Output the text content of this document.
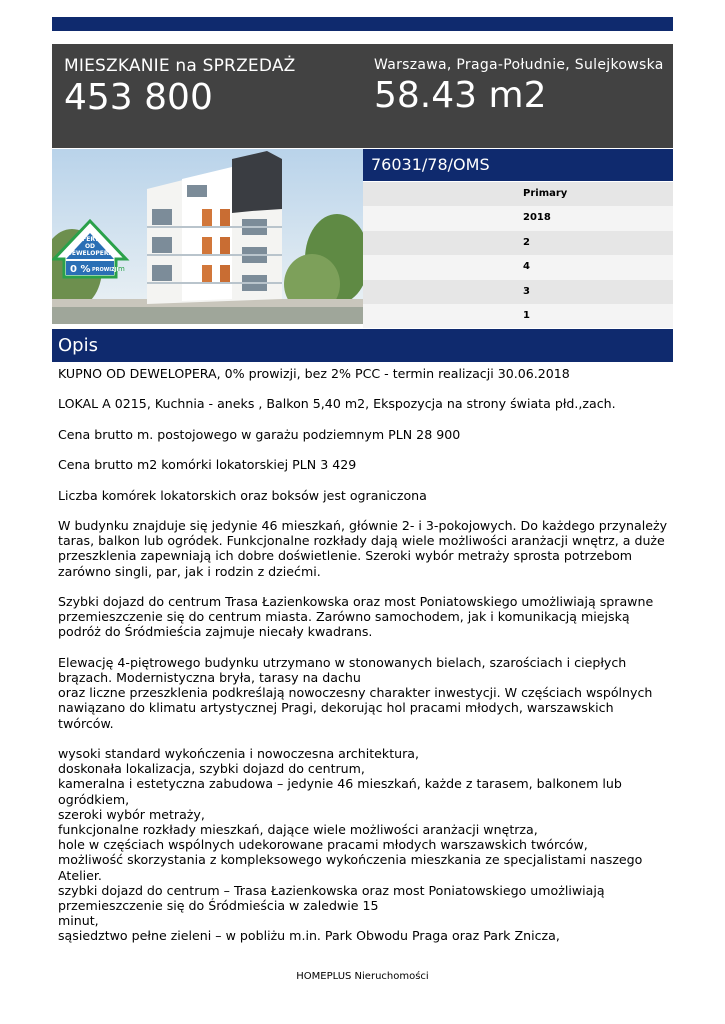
MIESZKANIE na SPRZEDAŻ
453 800
Warszawa, Praga-Południe, Sulejkowska
58.43 m2
OFERTA
OD
DEWELOPERA
0 % PROWIZJI m
76031/78/OMS
Primary
2018
2
4
3
1
Opis

KUPNO OD DEWELOPERA, 0% prowizji, bez 2% PCC - termin realizacji 30.06.2018

LOKAL A 0215, Kuchnia - aneks , Balkon 5,40 m2, Ekspozycja na strony świata płd.,zach.

Cena brutto m. postojowego w garażu podziemnym PLN 28 900

Cena brutto m2 komórki lokatorskiej PLN 3 429

Liczba komórek lokatorskich oraz boksów jest ograniczona

W budynku znajduje się jedynie 46 mieszkań, głównie 2- i 3-pokojowych. Do każdego przynależy taras, balkon lub ogródek. Funkcjonalne rozkłady dają wiele możliwości aranżacji wnętrz, a duże przeszklenia zapewniają ich dobre doświetlenie. Szeroki wybór metraży sprosta potrzebom zarówno singli, par, jak i rodzin z dziećmi.

Szybki dojazd do centrum Trasa Łazienkowska oraz most Poniatowskiego umożliwiają sprawne przemieszczenie się do centrum miasta. Zarówno samochodem, jak i komunikacją miejską podróż do Śródmieścia zajmuje niecały kwadrans.

Elewację 4-piętrowego budynku utrzymano w stonowanych bielach, szarościach i ciepłych brązach. Modernistyczna bryła, tarasy na dachu

oraz liczne przeszklenia podkreślają nowoczesny charakter inwestycji. W częściach wspólnych nawiązano do klimatu artystycznej Pragi, dekorując hol pracami młodych, warszawskich twórców.

wysoki standard wykończenia i nowoczesna architektura,

doskonała lokalizacja, szybki dojazd do centrum,

kameralna i estetyczna zabudowa – jedynie 46 mieszkań, każde z tarasem, balkonem lub ogródkiem,

szeroki wybór metraży,

funkcjonalne rozkłady mieszkań, dające wiele możliwości aranżacji wnętrza,

hole w częściach wspólnych udekorowane pracami młodych warszawskich twórców,

możliwość skorzystania z kompleksowego wykończenia mieszkania ze specjalistami naszego Atelier.

szybki dojazd do centrum – Trasa Łazienkowska oraz most Poniatowskiego umożliwiają przemieszczenie się do Śródmieścia w zaledwie 15

minut,

sąsiedztwo pełne zieleni – w pobliżu m.in. Park Obwodu Praga oraz Park Znicza,

HOMEPLUS Nieruchomości
